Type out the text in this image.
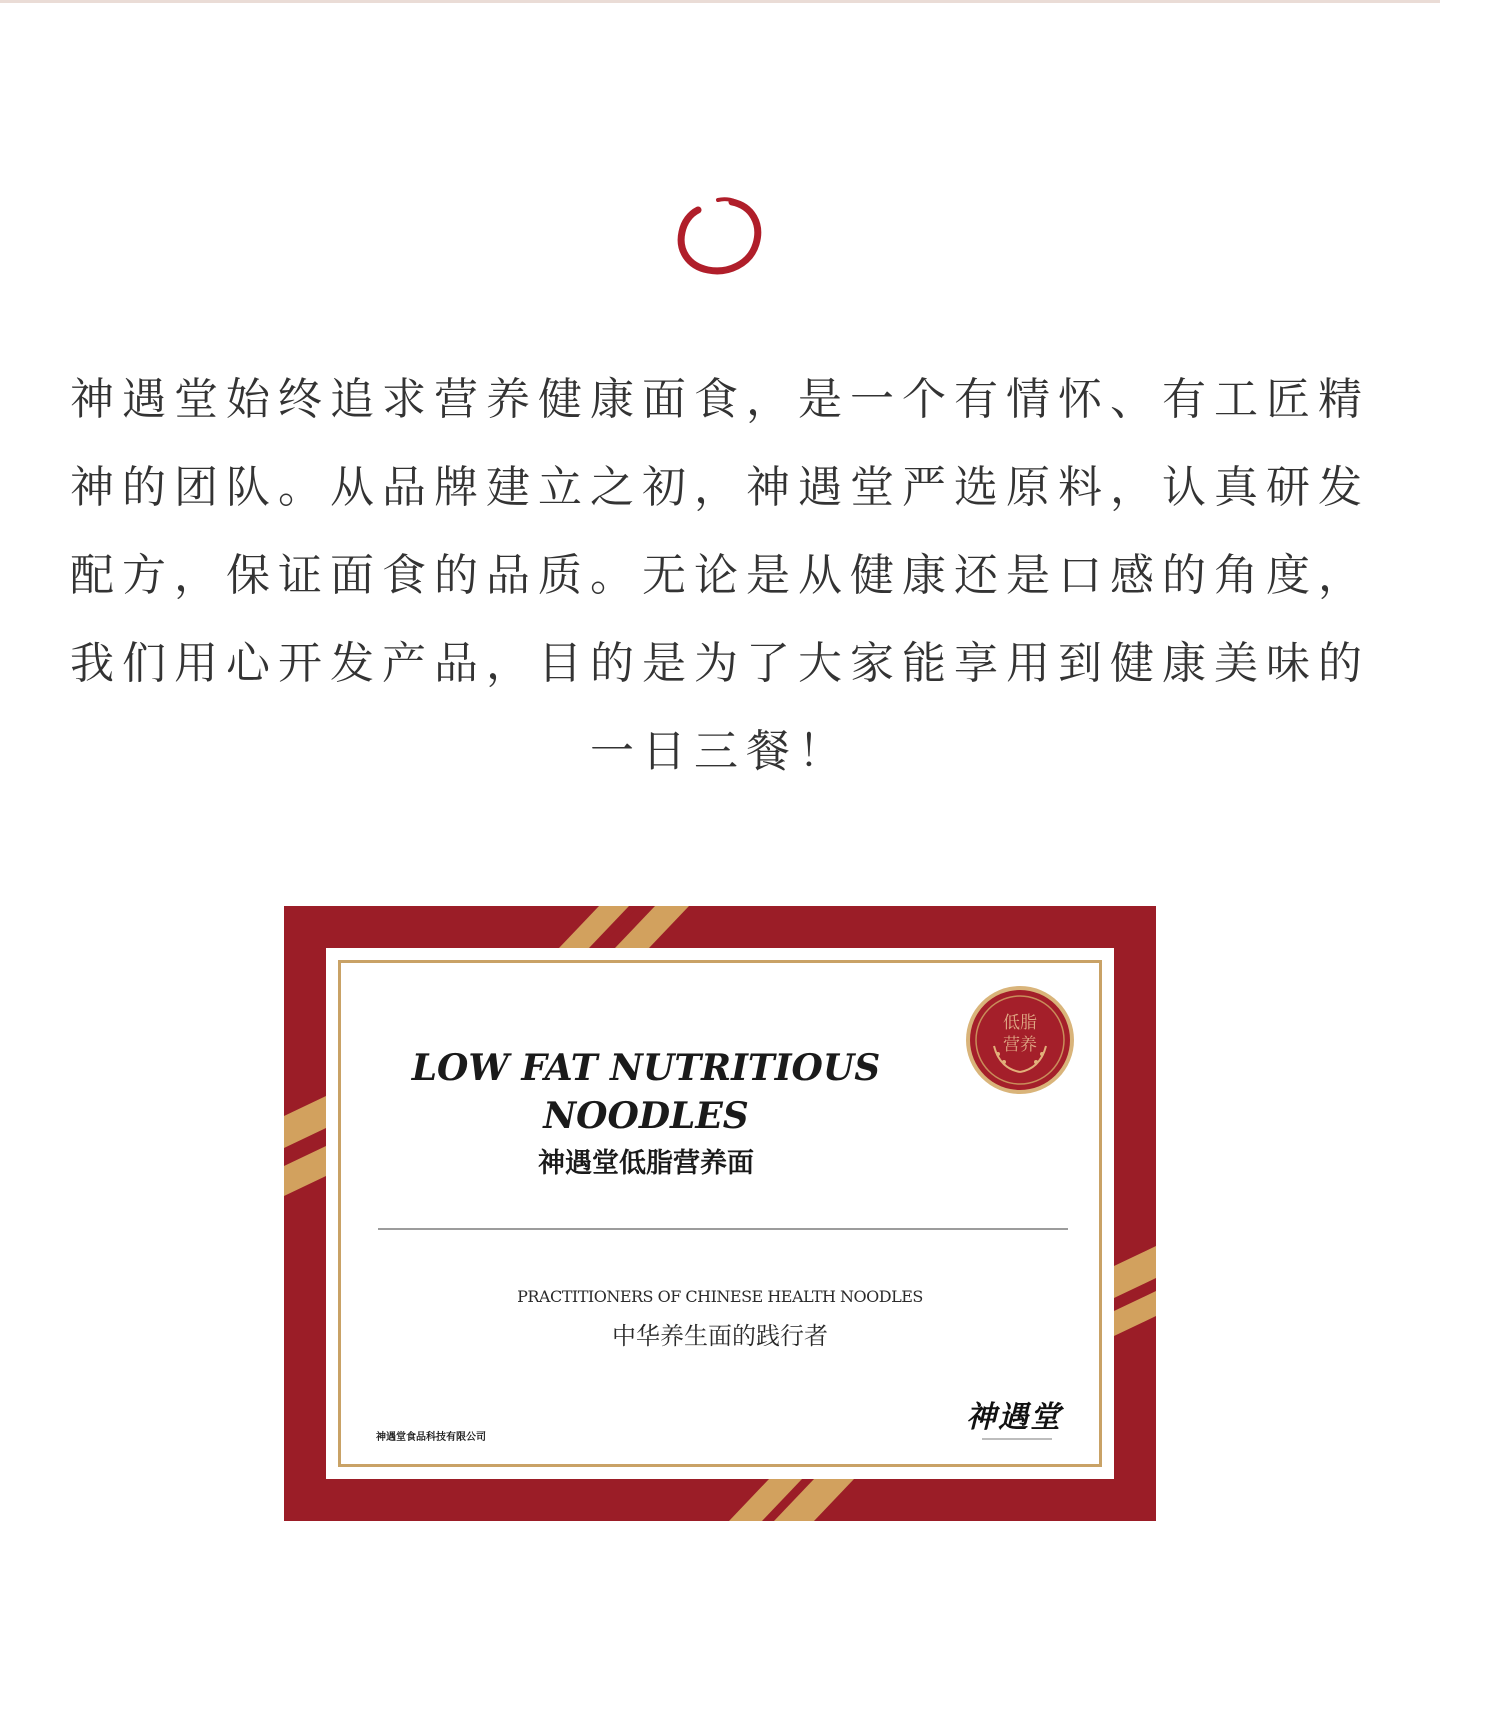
神遇堂始终追求营养健康面食，是一个有情怀、有工匠精神的团队。从品牌建立之初，神遇堂严选原料，认真研发配方，保证面食的品质。无论是从健康还是口感的角度，我们用心开发产品，目的是为了大家能享用到健康美味的一日三餐！

LOW FAT NUTRITIOUS NOODLES

神遇堂低脂营养面

低脂
营养

PRACTITIONERS OF CHINESE HEALTH NOODLES

中华养生面的践行者

神遇堂食品科技有限公司

神遇堂
